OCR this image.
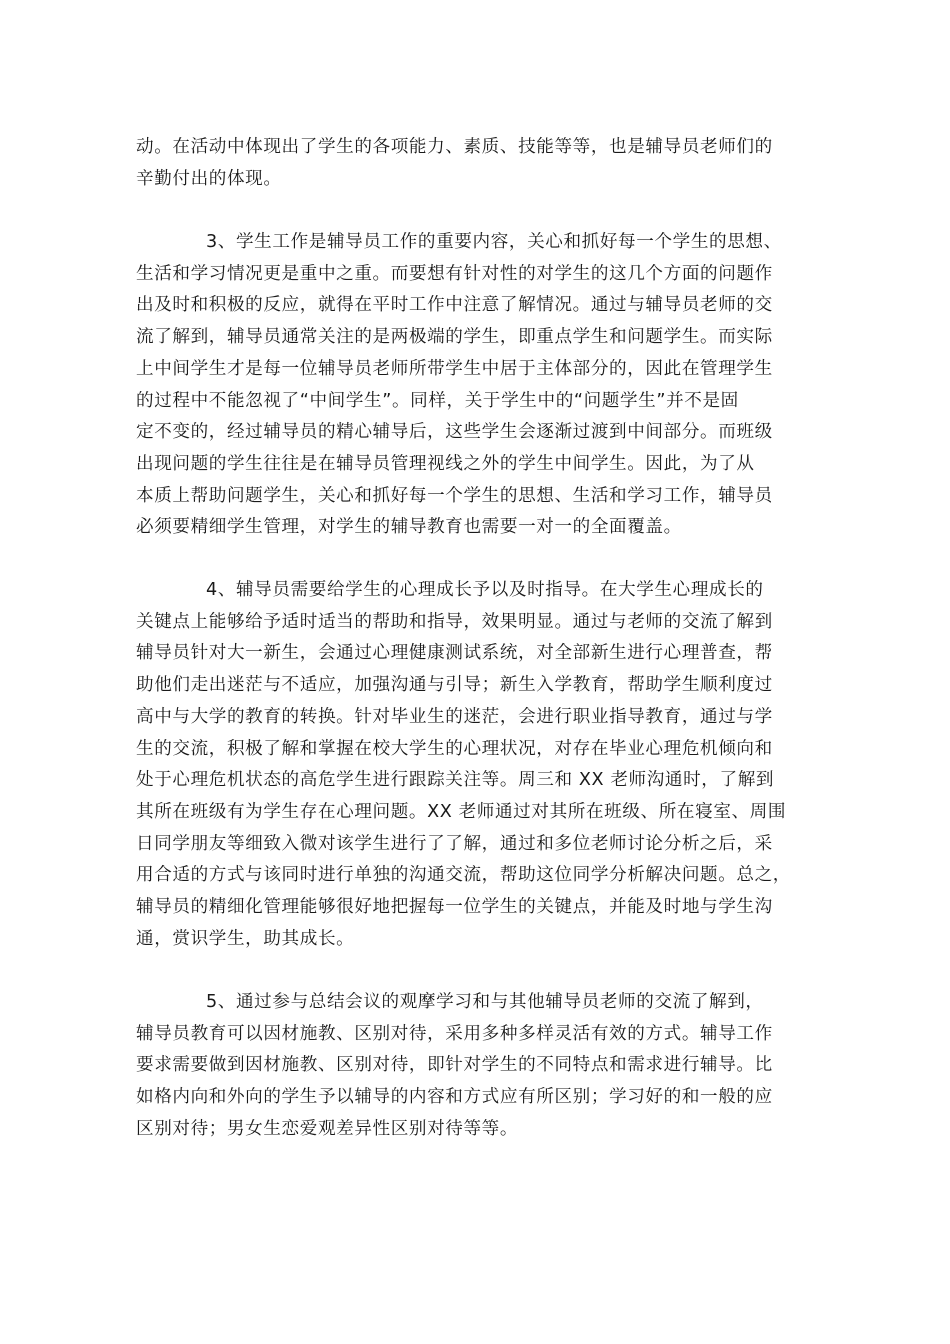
动。在活动中体现出了学生的各项能力、素质、技能等等，也是辅导员老师们的
辛勤付出的体现。
3、学生工作是辅导员工作的重要内容，关心和抓好每一个学生的思想、
生活和学习情况更是重中之重。而要想有针对性的对学生的这几个方面的问题作
出及时和积极的反应，就得在平时工作中注意了解情况。通过与辅导员老师的交
流了解到，辅导员通常关注的是两极端的学生，即重点学生和问题学生。而实际
上中间学生才是每一位辅导员老师所带学生中居于主体部分的，因此在管理学生
的过程中不能忽视了“中间学生”。同样，关于学生中的“问题学生”并不是固
定不变的，经过辅导员的精心辅导后，这些学生会逐渐过渡到中间部分。而班级
出现问题的学生往往是在辅导员管理视线之外的学生中间学生。因此，为了从
本质上帮助问题学生，关心和抓好每一个学生的思想、生活和学习工作，辅导员
必须要精细学生管理，对学生的辅导教育也需要一对一的全面覆盖。
4、辅导员需要给学生的心理成长予以及时指导。在大学生心理成长的
关键点上能够给予适时适当的帮助和指导，效果明显。通过与老师的交流了解到
辅导员针对大一新生，会通过心理健康测试系统，对全部新生进行心理普查，帮
助他们走出迷茫与不适应，加强沟通与引导；新生入学教育，帮助学生顺利度过
高中与大学的教育的转换。针对毕业生的迷茫，会进行职业指导教育，通过与学
生的交流，积极了解和掌握在校大学生的心理状况，对存在毕业心理危机倾向和
处于心理危机状态的高危学生进行跟踪关注等。周三和 XX 老师沟通时，了解到
其所在班级有为学生存在心理问题。XX 老师通过对其所在班级、所在寝室、周围
日同学朋友等细致入微对该学生进行了了解，通过和多位老师讨论分析之后，采
用合适的方式与该同时进行单独的沟通交流，帮助这位同学分析解决问题。总之，
辅导员的精细化管理能够很好地把握每一位学生的关键点，并能及时地与学生沟
通，赏识学生，助其成长。
5、通过参与总结会议的观摩学习和与其他辅导员老师的交流了解到，
辅导员教育可以因材施教、区别对待，采用多种多样灵活有效的方式。辅导工作
要求需要做到因材施教、区别对待，即针对学生的不同特点和需求进行辅导。比
如格内向和外向的学生予以辅导的内容和方式应有所区别；学习好的和一般的应
区别对待；男女生恋爱观差异性区别对待等等。
